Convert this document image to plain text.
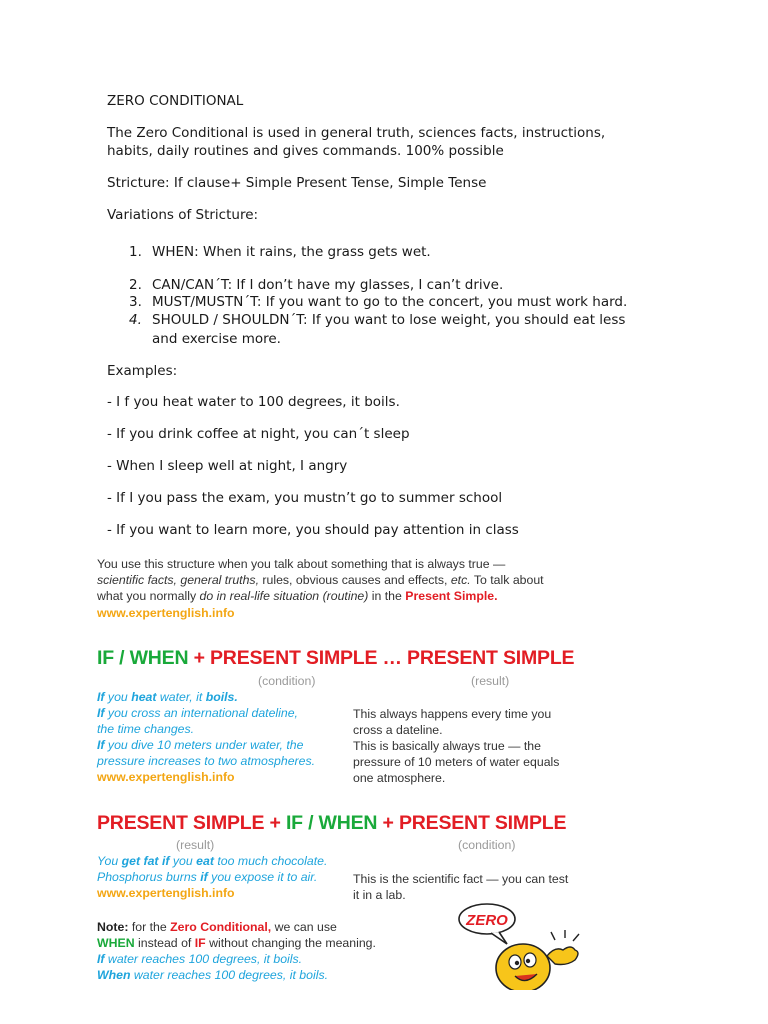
ZERO CONDITIONAL
The Zero Conditional is used in general truth, sciences facts, instructions,
habits, daily routines and gives commands. 100% possible
Stricture: If clause+ Simple Present Tense, Simple Tense
Variations of Stricture:
1. WHEN: When it rains, the grass gets wet.
2. CAN/CAN´T: If I don’t have my glasses, I can’t drive.
3. MUST/MUSTN´T: If you want to go to the concert, you must work hard.
4. SHOULD / SHOULDN´T: If you want to lose weight, you should eat less
and exercise more.
Examples:
- I f you heat water to 100 degrees, it boils.
- If you drink coffee at night, you can´t sleep
- When I sleep well at night, I angry
- If I you pass the exam, you mustn’t go to summer school
- If you want to learn more, you should pay attention in class
You use this structure when you talk about something that is always true —
scientific facts, general truths, rules, obvious causes and effects, etc. To talk about
what you normally do in real-life situation (routine) in the Present Simple.
www.expertenglish.info
IF / WHEN + PRESENT SIMPLE … PRESENT SIMPLE
(condition)	(result)
If you heat water, it boils.
If you cross an international dateline,
the time changes.
If you dive 10 meters under water, the
pressure increases to two atmospheres.
www.expertenglish.info
This always happens every time you
cross a dateline.
This is basically always true — the
pressure of 10 meters of water equals
one atmosphere.
PRESENT SIMPLE + IF / WHEN + PRESENT SIMPLE
(result)	(condition)
You get fat if you eat too much chocolate.
Phosphorus burns if you expose it to air.
www.expertenglish.info
This is the scientific fact — you can test
it in a lab.
Note: for the Zero Conditional, we can use
WHEN instead of IF without changing the meaning.
If water reaches 100 degrees, it boils.
When water reaches 100 degrees, it boils.
ZERO
